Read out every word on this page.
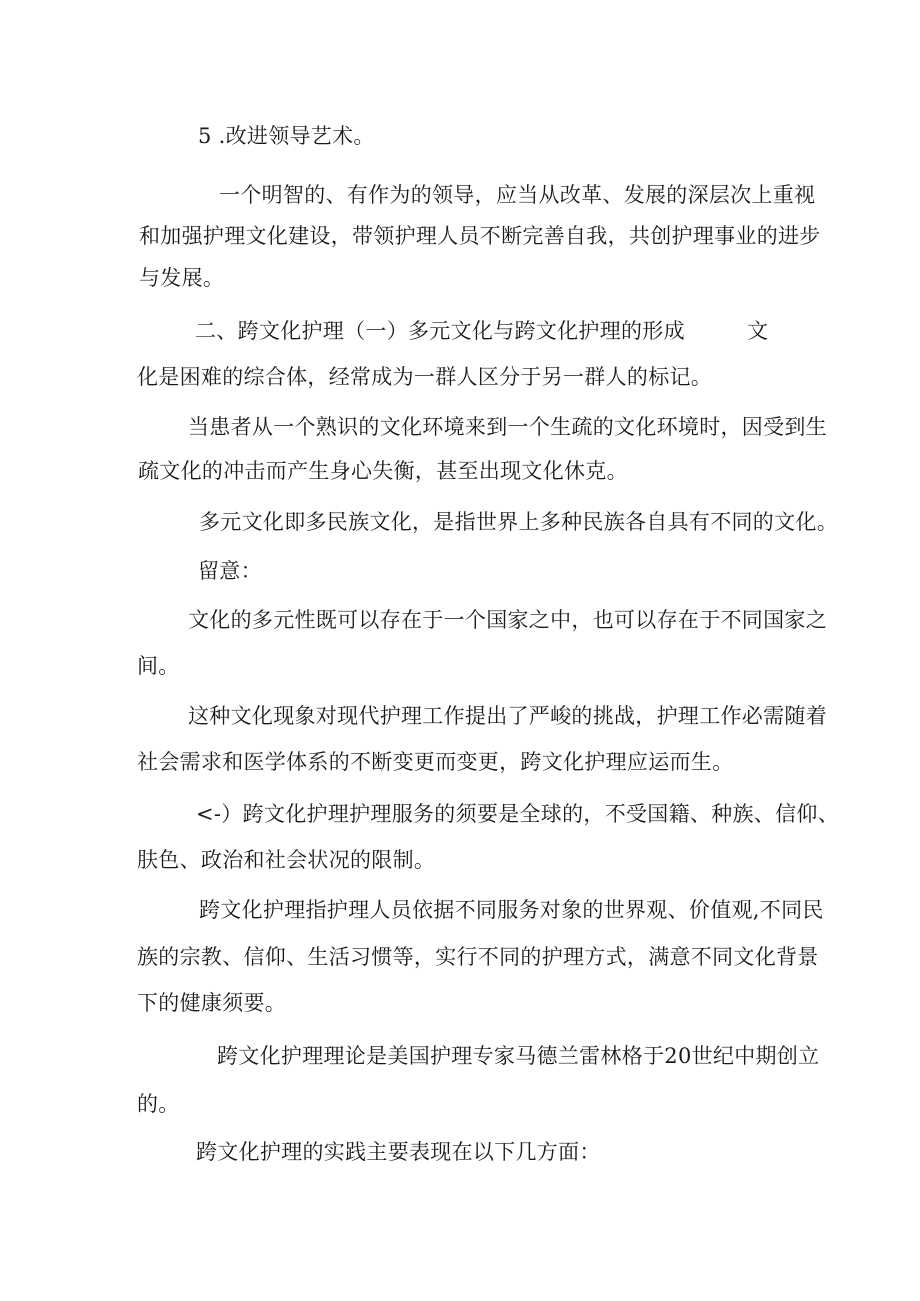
5 .改进领导艺术。
一个明智的、有作为的领导，应当从改革、发展的深层次上重视
和加强护理文化建设，带领护理人员不断完善自我，共创护理事业的进步
与发展。
二、跨文化护理（一）多元文化与跨文化护理的形成	文
化是困难的综合体，经常成为一群人区分于另一群人的标记。
当患者从一个熟识的文化环境来到一个生疏的文化环境时，因受到生
疏文化的冲击而产生身心失衡，甚至出现文化休克。
多元文化即多民族文化，是指世界上多种民族各自具有不同的文化。
留意：
文化的多元性既可以存在于一个国家之中，也可以存在于不同国家之
间。
这种文化现象对现代护理工作提出了严峻的挑战，护理工作必需随着
社会需求和医学体系的不断变更而变更，跨文化护理应运而生。
<-）跨文化护理护理服务的须要是全球的，不受国籍、种族、信仰、
肤色、政治和社会状况的限制。
跨文化护理指护理人员依据不同服务对象的世界观、价值观,不同民
族的宗教、信仰、生活习惯等，实行不同的护理方式，满意不同文化背景
下的健康须要。
跨文化护理理论是美国护理专家马德兰雷林格于20世纪中期创立
的。
跨文化护理的实践主要表现在以下几方面：
